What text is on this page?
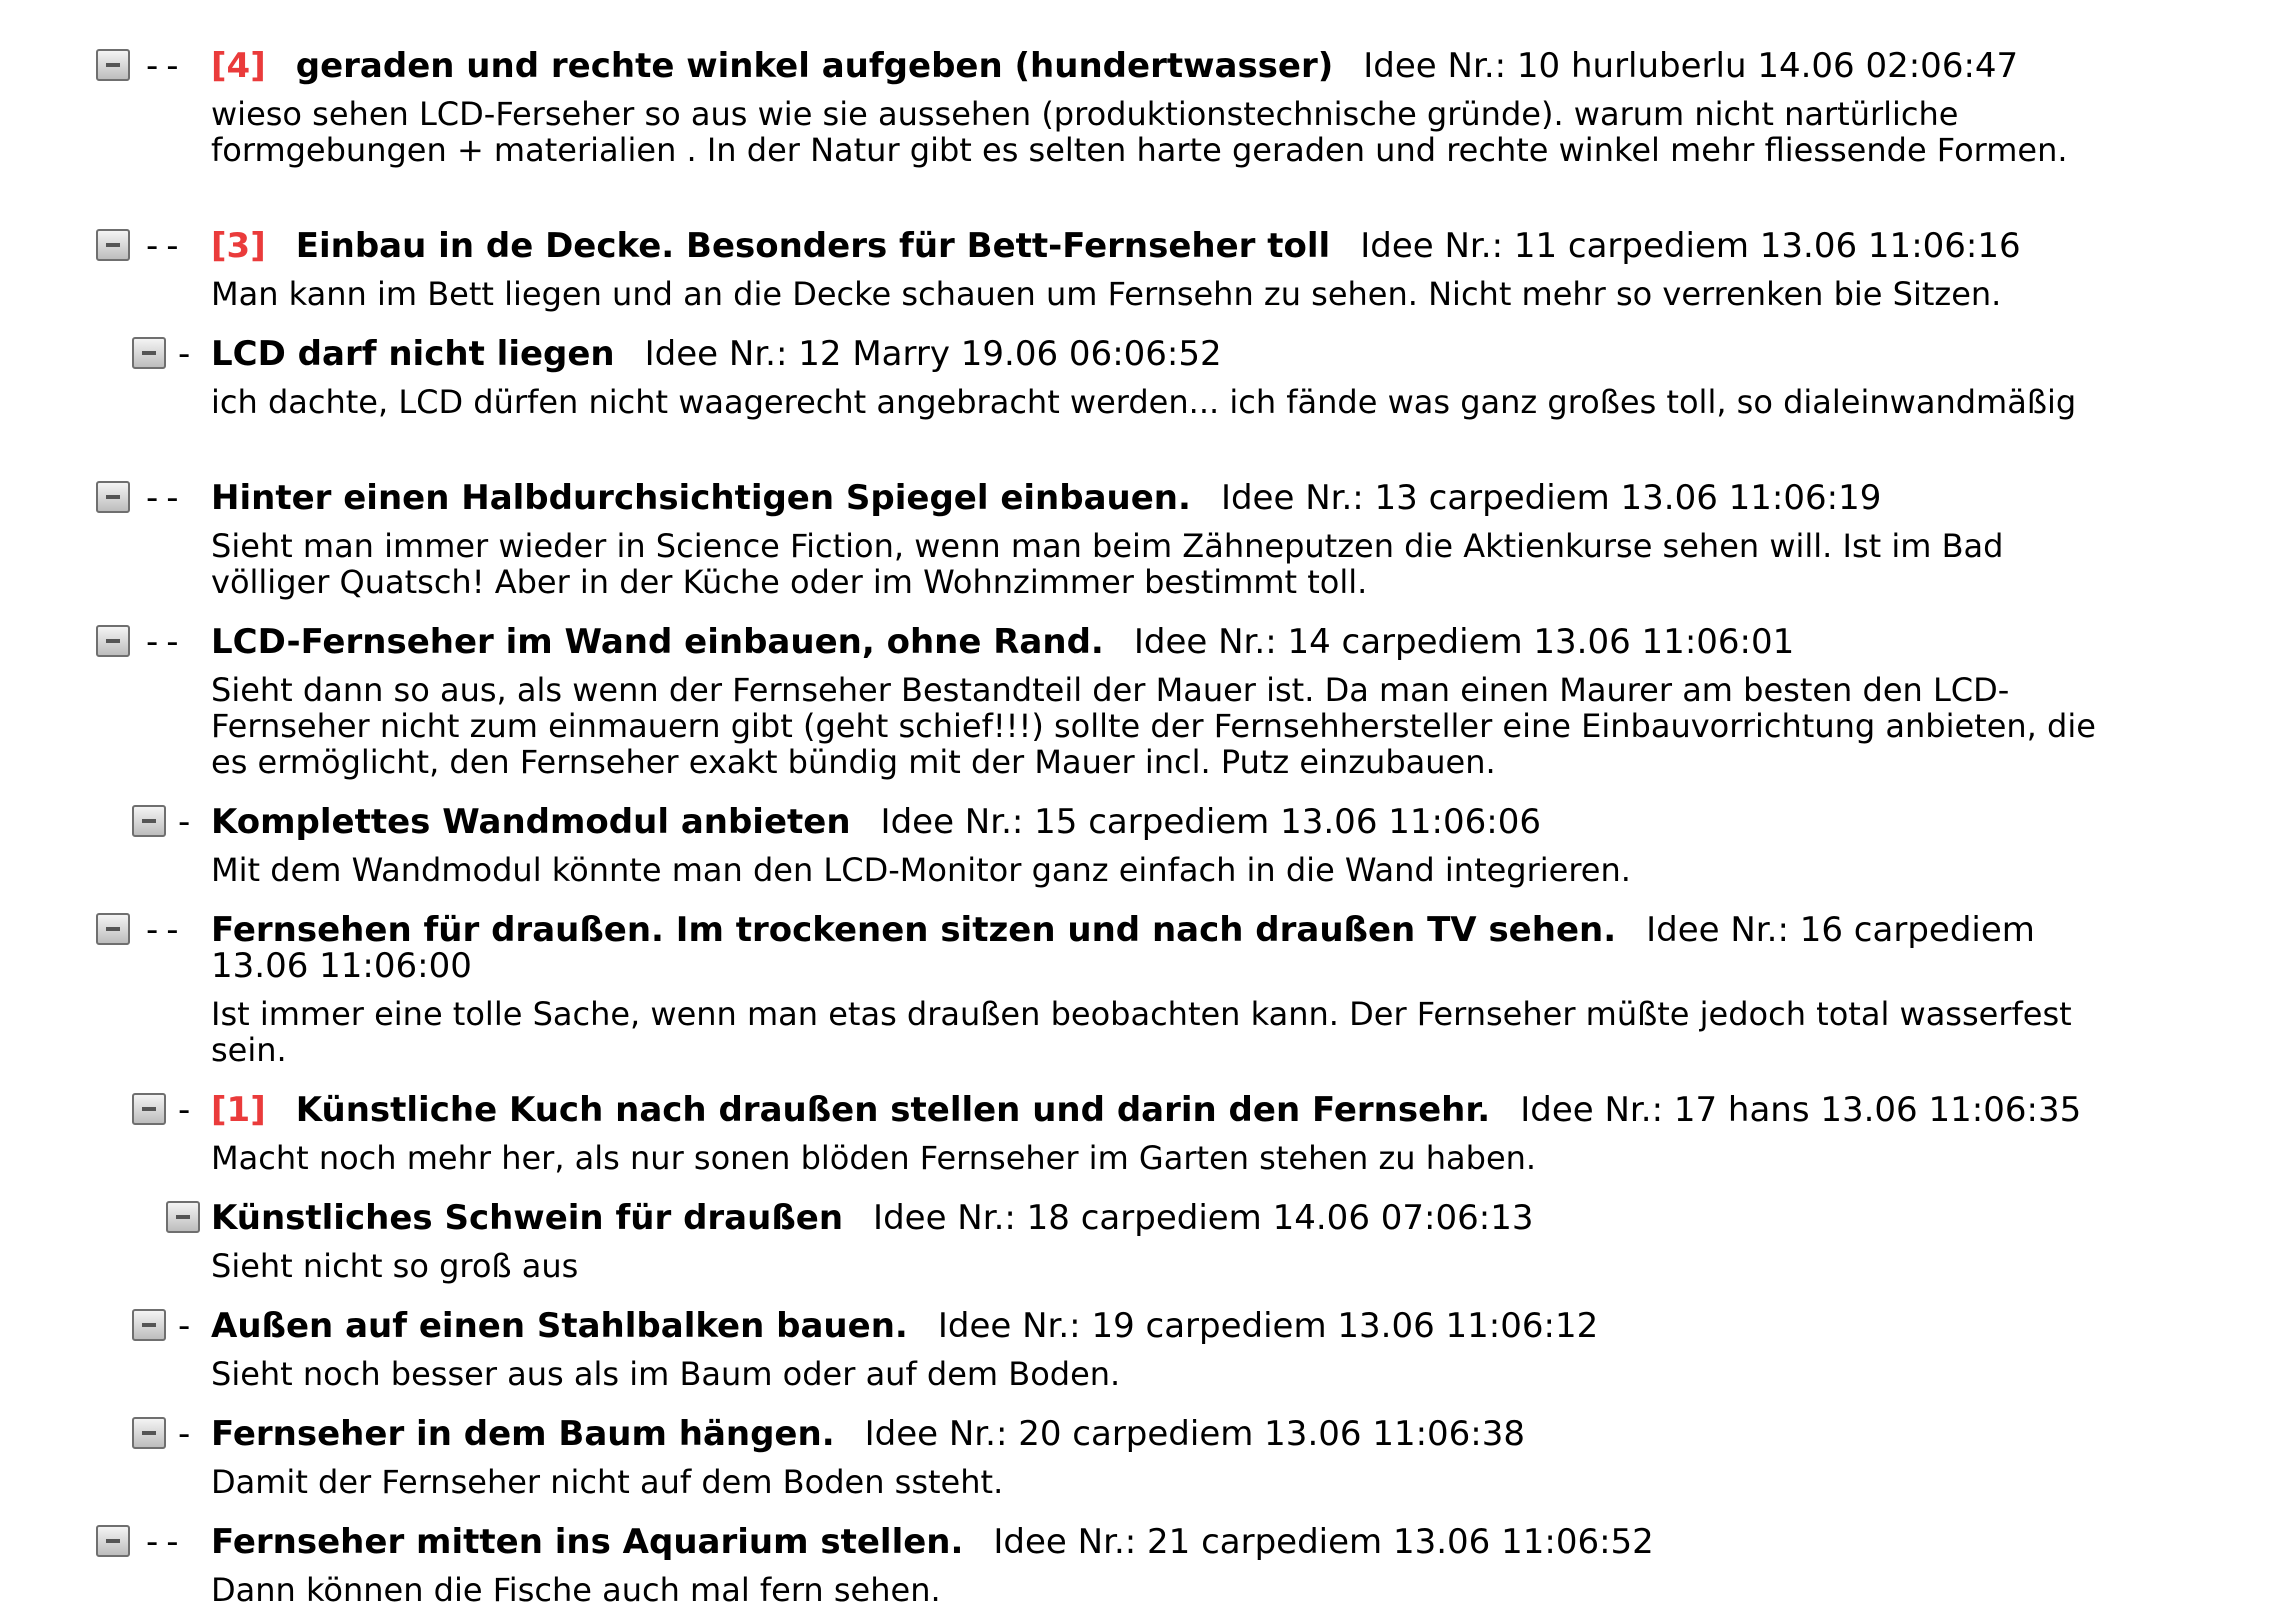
-- [4] geraden und rechte winkel aufgeben (hundertwasser) Idee Nr.: 10 hurluberlu 14.06 02:06:47
wieso sehen LCD-Ferseher so aus wie sie aussehen (produktionstechnische gründe). warum nicht nartürliche formgebungen + materialien . In der Natur gibt es selten harte geraden und rechte winkel mehr fliessende Formen.
-- [3] Einbau in de Decke. Besonders für Bett-Fernseher toll Idee Nr.: 11 carpediem 13.06 11:06:16
Man kann im Bett liegen und an die Decke schauen um Fernsehn zu sehen. Nicht mehr so verrenken bie Sitzen.
- LCD darf nicht liegen Idee Nr.: 12 Marry 19.06 06:06:52
ich dachte, LCD dürfen nicht waagerecht angebracht werden... ich fände was ganz großes toll, so dialeinwandmäßig
-- Hinter einen Halbdurchsichtigen Spiegel einbauen. Idee Nr.: 13 carpediem 13.06 11:06:19
Sieht man immer wieder in Science Fiction, wenn man beim Zähneputzen die Aktienkurse sehen will. Ist im Bad völliger Quatsch! Aber in der Küche oder im Wohnzimmer bestimmt toll.
-- LCD-Fernseher im Wand einbauen, ohne Rand. Idee Nr.: 14 carpediem 13.06 11:06:01
Sieht dann so aus, als wenn der Fernseher Bestandteil der Mauer ist. Da man einen Maurer am besten den LCD-Fernseher nicht zum einmauern gibt (geht schief!!!) sollte der Fernsehhersteller eine Einbauvorrichtung anbieten, die es ermöglicht, den Fernseher exakt bündig mit der Mauer incl. Putz einzubauen.
- Komplettes Wandmodul anbieten Idee Nr.: 15 carpediem 13.06 11:06:06
Mit dem Wandmodul könnte man den LCD-Monitor ganz einfach in die Wand integrieren.
-- Fernsehen für draußen. Im trockenen sitzen und nach draußen TV sehen. Idee Nr.: 16 carpediem 13.06 11:06:00
Ist immer eine tolle Sache, wenn man etas draußen beobachten kann. Der Fernseher müßte jedoch total wasserfest sein.
- [1] Künstliche Kuch nach draußen stellen und darin den Fernsehr. Idee Nr.: 17 hans 13.06 11:06:35
Macht noch mehr her, als nur sonen blöden Fernseher im Garten stehen zu haben.
Künstliches Schwein für draußen Idee Nr.: 18 carpediem 14.06 07:06:13
Sieht nicht so groß aus
- Außen auf einen Stahlbalken bauen. Idee Nr.: 19 carpediem 13.06 11:06:12
Sieht noch besser aus als im Baum oder auf dem Boden.
- Fernseher in dem Baum hängen. Idee Nr.: 20 carpediem 13.06 11:06:38
Damit der Fernseher nicht auf dem Boden ssteht.
-- Fernseher mitten ins Aquarium stellen. Idee Nr.: 21 carpediem 13.06 11:06:52
Dann können die Fische auch mal fern sehen.
